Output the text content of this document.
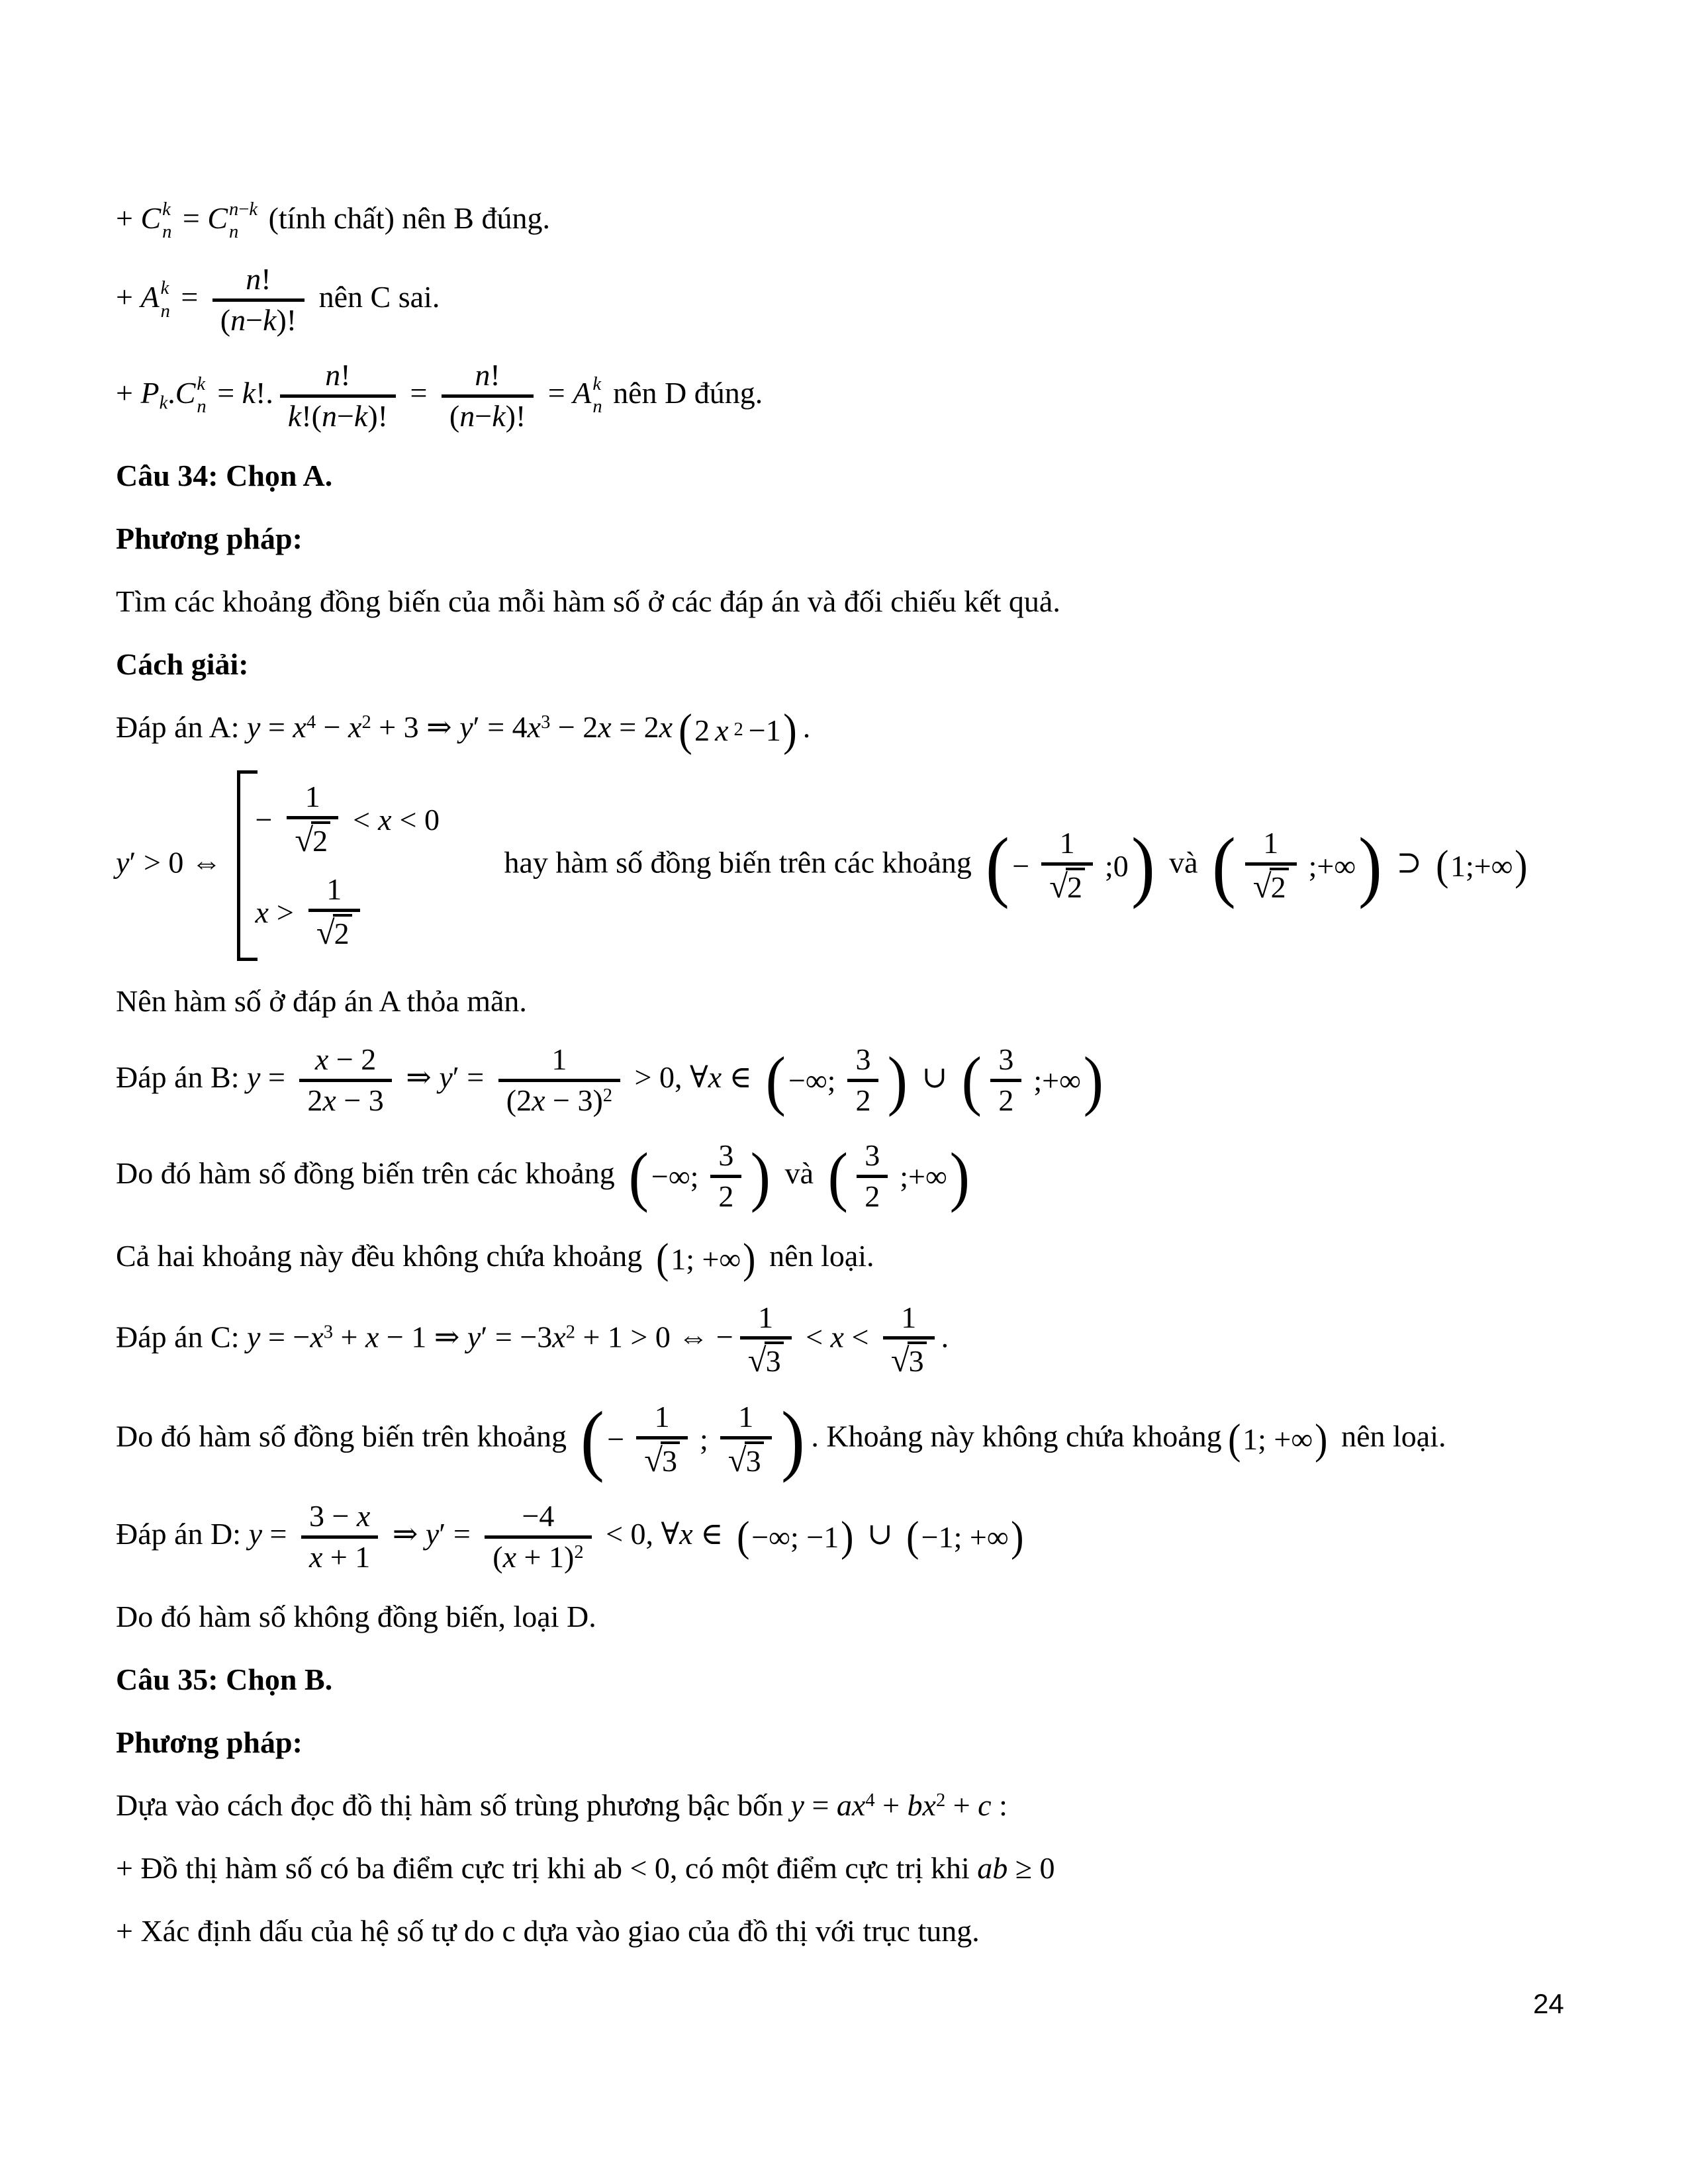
+ C k
n = C n−k
n (tính chất) nên B đúng.

+ A k
$n = \frac{n!}{(n-k)!}$ nên C sai.

+ $P_k.C$ k
n = k!. $\frac{n!}{k!(n-k)!} = \frac{n!}{(n-k)!} = A$ k
n nên D đúng.

Câu 34: Chọn A.

Phương pháp:

Tìm các khoảng đồng biến của mỗi hàm số ở các đáp án và đối chiếu kết quả.

Cách giải:

Đáp án A: $y = x^4 - x^2 + 3$ ⇒ $y' = 4x^3 - 2x = 2x$ ( 2 x 2 −1 ) .

y′ > 0 ⇔
− $\frac{1}{√2} < x < 0$
$x > \frac{1}{√2}$
hay hàm số đồng biến trên các khoảng ( − $\frac{1}{√2}$ ;0 ) và ( $\frac{1}{√2}$ ;+∞ ) ⊃ ( 1;+∞ )

Nên hàm số ở đáp án A thỏa mãn.

Đáp án B: $y = \frac{x - 2}{2x - 3}$ ⇒ $y' = \frac{1}{(2x - 3)^2} > 0$, ∀x ∈ ( −∞; $\frac{3}{2}$ ) ∪ ( $\frac{3}{2}$ ;+∞ )

Do đó hàm số đồng biến trên các khoảng ( −∞; $\frac{3}{2}$ ) và ( $\frac{3}{2}$ ;+∞ )

Cả hai khoảng này đều không chứa khoảng ( 1; +∞ ) nên loại.

Đáp án C: $y = -x^3 + x - 1$ ⇒ $y' = -3x^2 + 1 > 0$ ⇔ − $\frac{1}{√3} < x < \frac{1}{√3}$ .

Do đó hàm số đồng biến trên khoảng ( − $\frac{1}{√3}$ ; $\frac{1}{√3}$ ) . Khoảng này không chứa khoảng ( 1; +∞ ) nên loại.

Đáp án D: $y = \frac{3 - x}{x + 1}$ ⇒ $y' = \frac{-4}{(x + 1)^2} < 0$, ∀x ∈ ( −∞; −1 ) ∪ ( −1; +∞ )

Do đó hàm số không đồng biến, loại D.

Câu 35: Chọn B.

Phương pháp:

Dựa vào cách đọc đồ thị hàm số trùng phương bậc bốn $y = ax^4 + bx^2 + c$ :

+ Đồ thị hàm số có ba điểm cực trị khi ab < 0, có một điểm cực trị khi ab ≥ 0

+ Xác định dấu của hệ số tự do c dựa vào giao của đồ thị với trục tung.

24
